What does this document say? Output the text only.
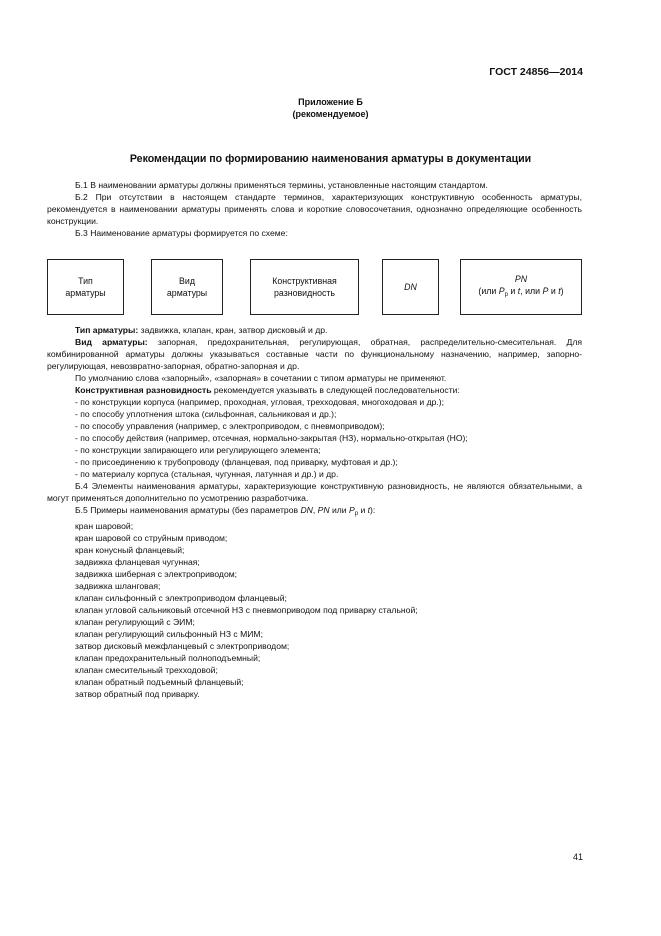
ГОСТ 24856—2014
Приложение Б
(рекомендуемое)
Рекомендации по формированию наименования арматуры в документации

Б.1 В наименовании арматуры должны применяться термины, установленные настоящим стандартом.

Б.2 При отсутствии в настоящем стандарте терминов, характеризующих конструктивную особенность арматуры, рекомендуется в наименовании арматуры применять слова и короткие словосочетания, однозначно определяющие особенность конструкции.

Б.3 Наименование арматуры формируется по схеме:

Тип
арматуры
Вид
арматуры
Конструктивная
разновидность
DN
PN
(или $P_р$ и t, или P и t)

Тип арматуры: задвижка, клапан, кран, затвор дисковый и др.

Вид арматуры: запорная, предохранительная, регулирующая, обратная, распределительно-смесительная. Для комбинированной арматуры должны указываться составные части по функциональному назначению, например, запорно-регулирующая, невозвратно-запорная, обратно-запорная и др.

По умолчанию слова «запорный», «запорная» в сочетании с типом арматуры не применяют.

Конструктивная разновидность рекомендуется указывать в следующей последовательности:

- по конструкции корпуса (например, проходная, угловая, трехходовая, многоходовая и др.);
- по способу уплотнения штока (сильфонная, сальниковая и др.);
- по способу управления (например, с электроприводом, с пневмоприводом);
- по способу действия (например, отсечная, нормально-закрытая (НЗ), нормально-открытая (НО);
- по конструкции запирающего или регулирующего элемента;
- по присоединению к трубопроводу (фланцевая, под приварку, муфтовая и др.);
- по материалу корпуса (стальная, чугунная, латунная и др.) и др.

Б.4 Элементы наименования арматуры, характеризующие конструктивную разновидность, не являются обязательными, а могут применяться дополнительно по усмотрению разработчика.

Б.5 Примеры наименования арматуры (без параметров DN, PN или $P_р$ и t):

кран шаровой;
кран шаровой со струйным приводом;
кран конусный фланцевый;
задвижка фланцевая чугунная;
задвижка шиберная с электроприводом;
задвижка шланговая;
клапан сильфонный с электроприводом фланцевый;
клапан угловой сальниковый отсечной НЗ с пневмоприводом под приварку стальной;
клапан регулирующий с ЭИМ;
клапан регулирующий сильфонный НЗ с МИМ;
затвор дисковый межфланцевый с электроприводом;
клапан предохранительный полноподъемный;
клапан смесительный трехходовой;
клапан обратный подъемный фланцевый;
затвор обратный под приварку.
41
